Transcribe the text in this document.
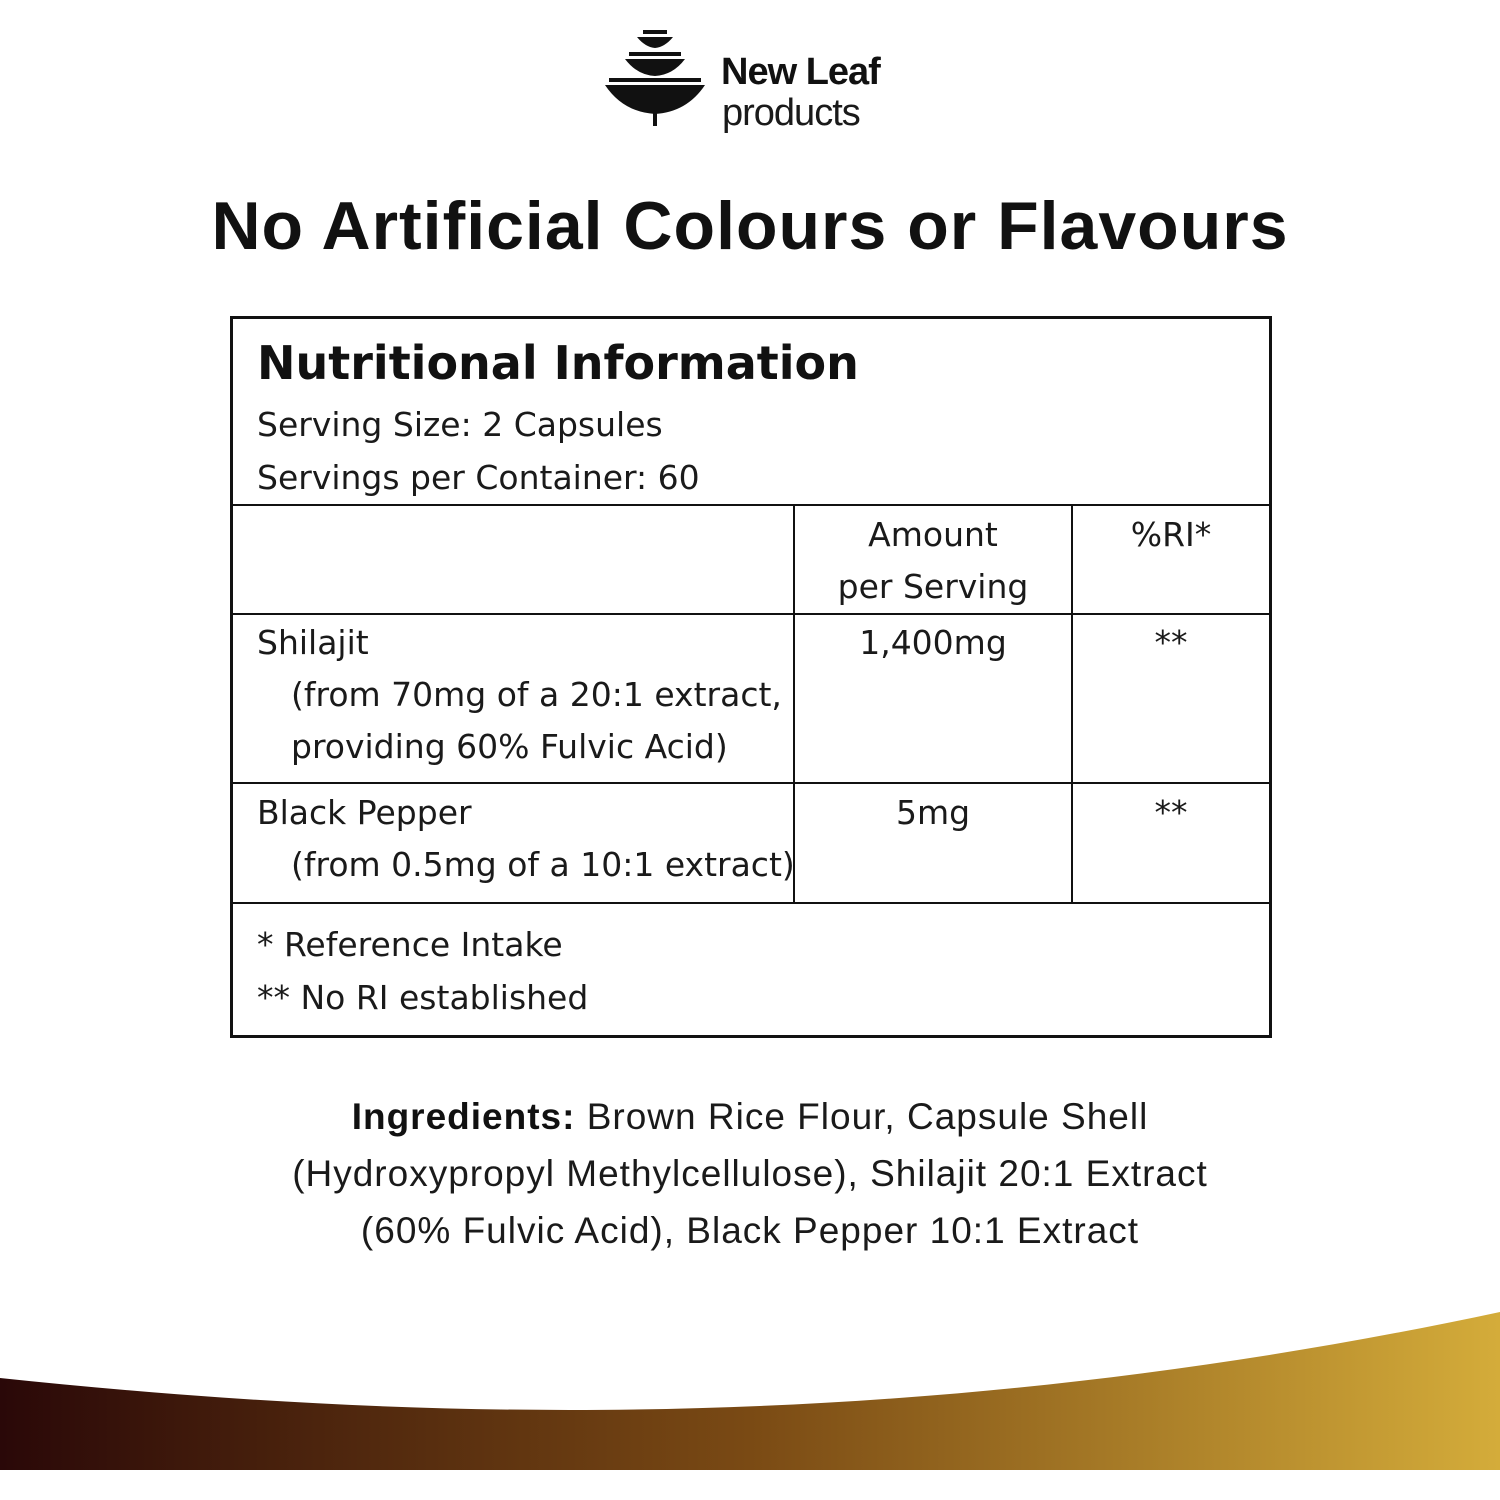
New Leaf
products
No Artificial Colours or Flavours
Nutritional Information
Serving Size: 2 Capsules
Servings per Container: 60
Amount
per Serving
%RI*
Shilajit
(from 70mg of a 20:1 extract,
providing 60% Fulvic Acid)
1,400mg	**
Black Pepper
(from 0.5mg of a 10:1 extract)
5mg	**
* Reference Intake
** No RI established
Ingredients: Brown Rice Flour, Capsule Shell
(Hydroxypropyl Methylcellulose), Shilajit 20:1 Extract
(60% Fulvic Acid), Black Pepper 10:1 Extract
